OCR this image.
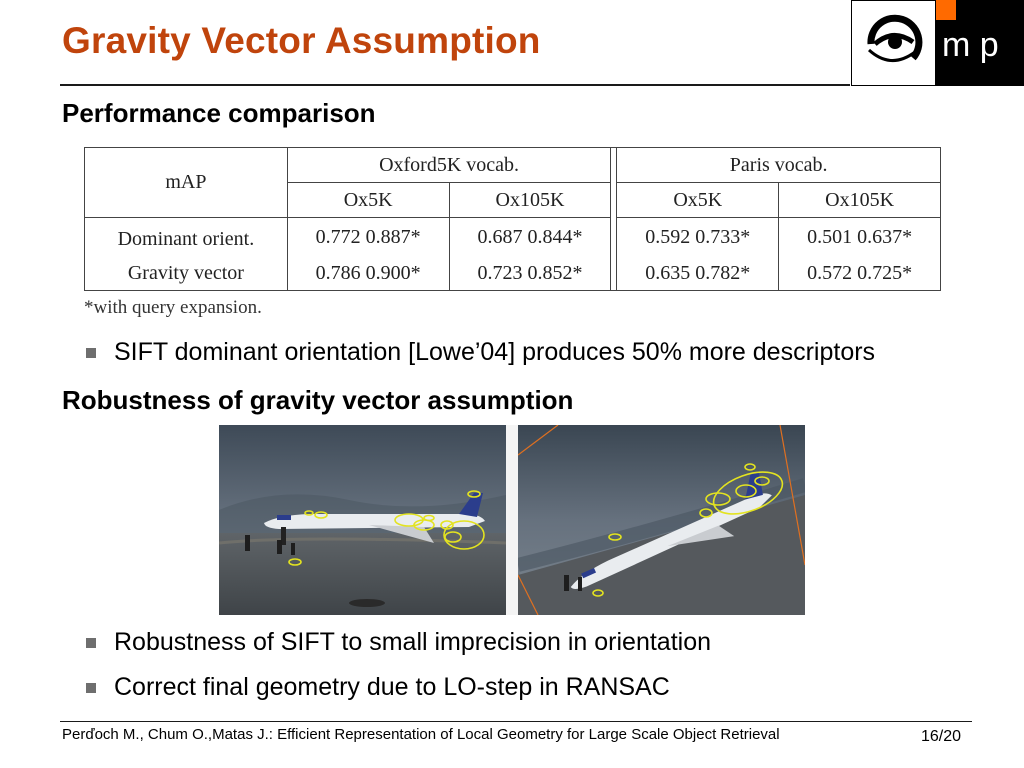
Gravity Vector Assumption	m p
Performance comparison
mAP	Oxford5K vocab.			Paris vocab.	
	Ox5K	Ox105K		Ox5K	Ox105K
Dominant orient.	0.772 0.887*	0.687 0.844*		0.592 0.733*	0.501 0.637*
Gravity vector	0.786 0.900*	0.723 0.852*		0.635 0.782*	0.572 0.725*
*with query expansion.
SIFT dominant orientation [Lowe’04] produces 50% more descriptors
Robustness of gravity vector assumption
Robustness of SIFT to small imprecision in orientation
Correct final geometry due to LO-step in RANSAC
Perďoch M., Chum O.,Matas J.: Efficient Representation of Local Geometry for Large Scale Object Retrieval	16/20
